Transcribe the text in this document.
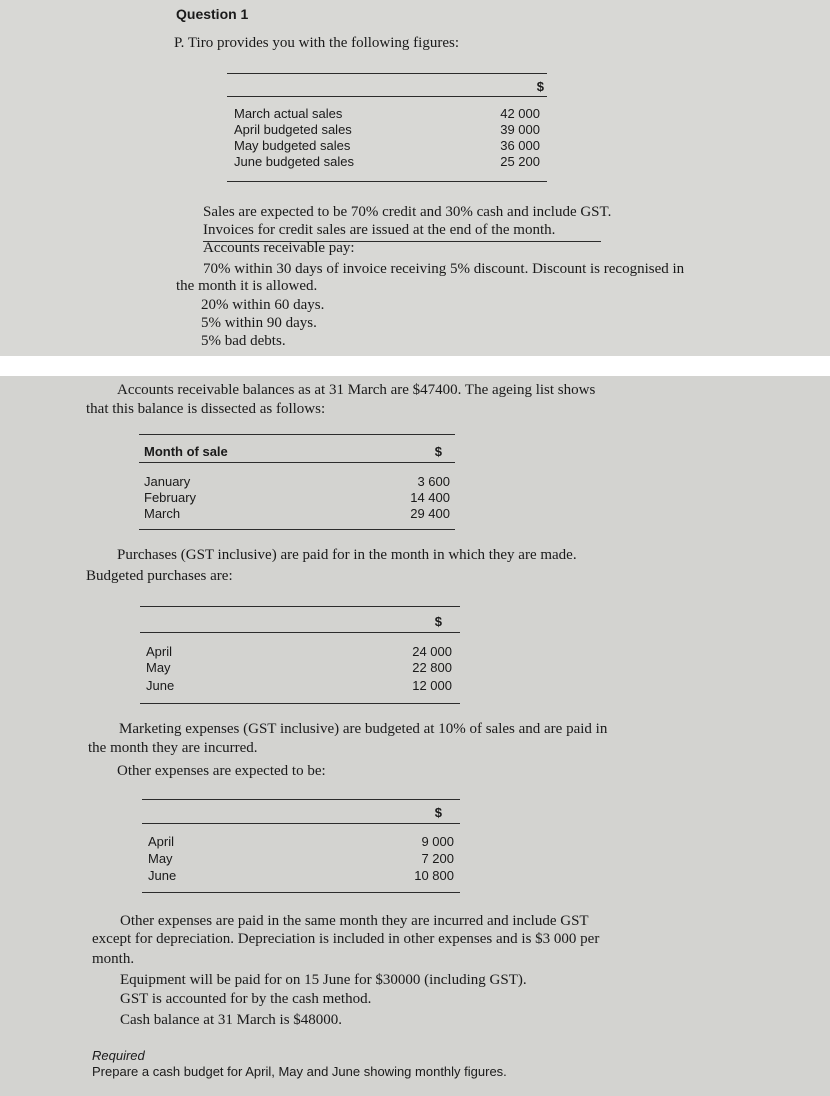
Question 1
P. Tiro provides you with the following figures:
$
March actual sales	42 000
April budgeted sales	39 000
May budgeted sales	36 000
June budgeted sales	25 200
Sales are expected to be 70% credit and 30% cash and include GST.
Invoices for credit sales are issued at the end of the month.
Accounts receivable pay:
70% within 30 days of invoice receiving 5% discount. Discount is recognised in
the month it is allowed.
20% within 60 days.
5% within 90 days.
5% bad debts.
Accounts receivable balances as at 31 March are $47400. The ageing list shows
that this balance is dissected as follows:
Month of sale	$
January	3 600
February	14 400
March	29 400
Purchases (GST inclusive) are paid for in the month in which they are made.
Budgeted purchases are:
$
April	24 000
May	22 800
June	12 000
Marketing expenses (GST inclusive) are budgeted at 10% of sales and are paid in
the month they are incurred.
Other expenses are expected to be:
$
April	9 000
May	7 200
June	10 800
Other expenses are paid in the same month they are incurred and include GST
except for depreciation. Depreciation is included in other expenses and is $3 000 per
month.
Equipment will be paid for on 15 June for $30000 (including GST).
GST is accounted for by the cash method.
Cash balance at 31 March is $48000.
Required
Prepare a cash budget for April, May and June showing monthly figures.
